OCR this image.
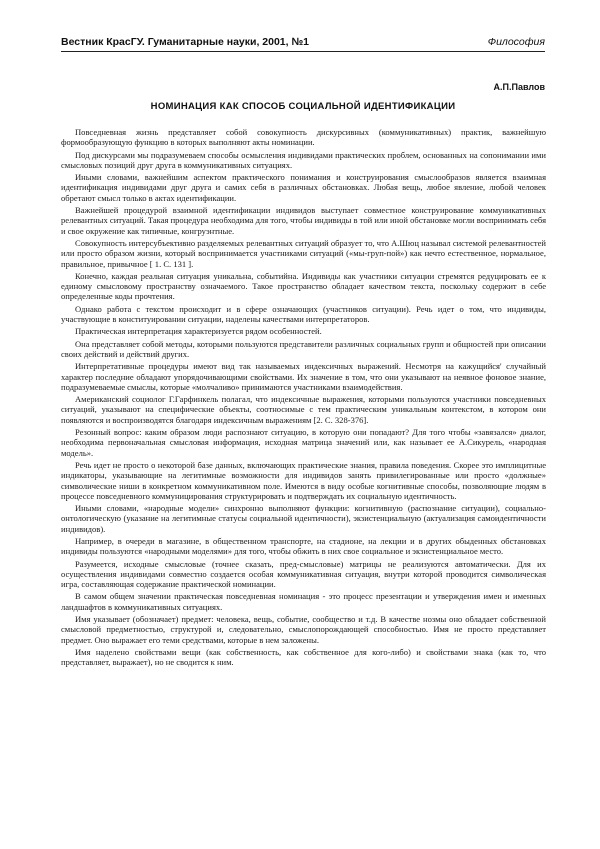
Вестник КрасГУ. Гуманитарные науки, 2001, №1	Философия
А.П.Павлов
НОМИНАЦИЯ КАК СПОСОБ СОЦИАЛЬНОЙ ИДЕНТИФИКАЦИИ

Повседневная жизнь представляет собой совокупность дискурсивных (коммуникативных) практик, важнейшую формообразующую функцию в которых выполняют акты номинации.

Под дискурсами мы подразумеваем способы осмысления индивидами практических проблем, основанных на сопонимании ими смысловых позиций друг друга в коммуникативных ситуациях.

Иными словами, важнейшим аспектом практического понимания и конструирования смыслообразов является взаимная идентификация индивидами друг друга и самих себя в различных обстановках. Любая вещь, любое явление, любой человек обретают смысл только в актах идентификации.

Важнейшей процедурой взаимной идентификации индивидов выступает совместное конструирование коммуникативных релевантных ситуаций. Такая процедура необходима для того, чтобы индивиды в той или иной обстановке могли воспринимать себя и свое окружение как типичные, конгруэнтные.

Совокупность интерсубъективно разделяемых релевантных ситуаций образует то, что А.Шюц называл системой релевантностей или просто образом жизни, который воспринимается участниками ситуаций («мы-груп-пой») как нечто естественное, нормальное, правильное, привычное [ 1. С. 131 ].

Конечно, каждая реальная ситуация уникальна, событийна. Индивиды как участники ситуации стремятся редуцировать ее к единому смысловому пространству означаемого. Такое пространство обладает качеством текста, поскольку содержит в себе определенные коды прочтения.

Однако работа с текстом происходит и в сфере означающих (участников ситуации). Речь идет о том, что индивиды, участвующие в конституировании ситуации, наделены качествами интерпретаторов.

Практическая интерпретация характеризуется рядом особенностей.

Она представляет собой методы, которыми пользуются представители различных социальных групп и общностей при описании своих действий и действий других.

Интерпретативные процедуры имеют вид так называемых индексичных выражений. Несмотря на кажущийся' случайный характер последние обладают упорядочивающими свойствами. Их значение в том, что они указывают на неявное фоновое знание, подразумеваемые смыслы, которые «молчаливо» принимаются участниками взаимодействия.

Американский социолог Г.Гарфинкель полагал, что индексичные выражения, которыми пользуются участники повседневных ситуаций, указывают на специфические объекты, соотносимые с тем практическим уникальным контекстом, в котором они появляются и воспроизводятся благодаря индексичным выражениям [2. С. 328-376].

Резонный вопрос: каким образом люди распознают ситуацию, в которую они попадают? Для того чтобы «завязался» диалог, необходима первоначальная смысловая информация, исходная матрица значений или, как называет ее А.Сикурель, «народная модель».

Речь идет не просто о некоторой базе данных, включающих практические знания, правила поведения. Скорее это имплицитные индикаторы, указывающие на легитимные возможности для индивидов занять привилегированные или просто «должные» символические ниши в конкретном коммуникативном поле. Имеются в виду особые когнитивные способы, позволяющие людям в процессе повседневного коммуницирования структурировать и подтверждать их социальную идентичность.

Иными словами, «народные модели» синхронно выполняют функции: когнитивную (распознание ситуации), социально-онтологическую (указание на легитимные статусы социальной идентичности), экзистенциальную (актуализация самоидентичности индивидов).

Например, в очереди в магазине, в общественном транспорте, на стадионе, на лекции и в других обыденных обстановках индивиды пользуются «народными моделями» для того, чтобы обжить в них свое социальное и экзистенциальное место.

Разумеется, исходные смысловые (точнее сказать, пред-смысловые) матрицы не реализуются автоматически. Для их осуществления индивидами совместно создается особая коммуникативная ситуация, внутри которой проводится символическая игра, составляющая содержание практической номинации.

В самом общем значении практическая повседневная номинация - это процесс презентации и утверждения имен и именных ландшафтов в коммуникативных ситуациях.

Имя указывает (обозначает) предмет: человека, вещь, событие, сообщество и т.д. В качестве нозмы оно обладает собственной смысловой предметностью, структурой и, следовательно, смыслопорождающей способностью. Имя не просто представляет предмет. Оно выражает его теми средствами, которые в нем заложены.

Имя наделено свойствами вещи (как собственность, как собственное для кого-либо) и свойствами знака (как то, что представляет, выражает), но не сводится к ним.
